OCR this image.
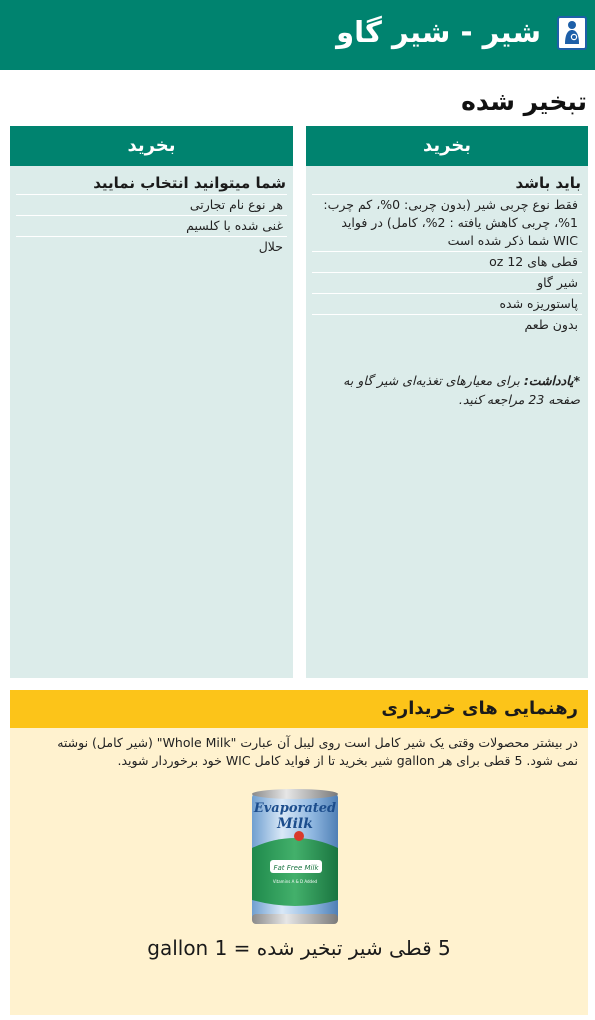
شیر - شیر گاو
تبخیر شده
بخرید
شما میتوانید انتخاب نمایید
هر نوع نام تجارتی
غنی شده با کلسیم
حلال
بخرید
باید باشد
فقط نوع چربی شیر (بدون چربی: 0%، کم چرب: 1%، چربی کاهش یافته : 2%، کامل) در فواید WIC شما ذکر شده است
قطی های 12 oz
شیر گاو
پاستوریزه شده
بدون طعم
*یادداشت: برای معیارهای تغذیه‌ای شیر گاو به صفحه 23 مراجعه کنید.
رهنمایی های خریداری
در بیشتر محصولات وقتی یک شیر کامل است روی لیبل آن عبارت "Whole Milk" (شیر کامل) نوشته نمی شود. 5 قطی برای هر gallon شیر بخرید تا از فواید کامل WIC خود برخوردار شوید.
Evaporated
Milk
Fat Free Milk
Vitamins A & D Added
5 قطی شیر تبخیر شده = 1 gallon
